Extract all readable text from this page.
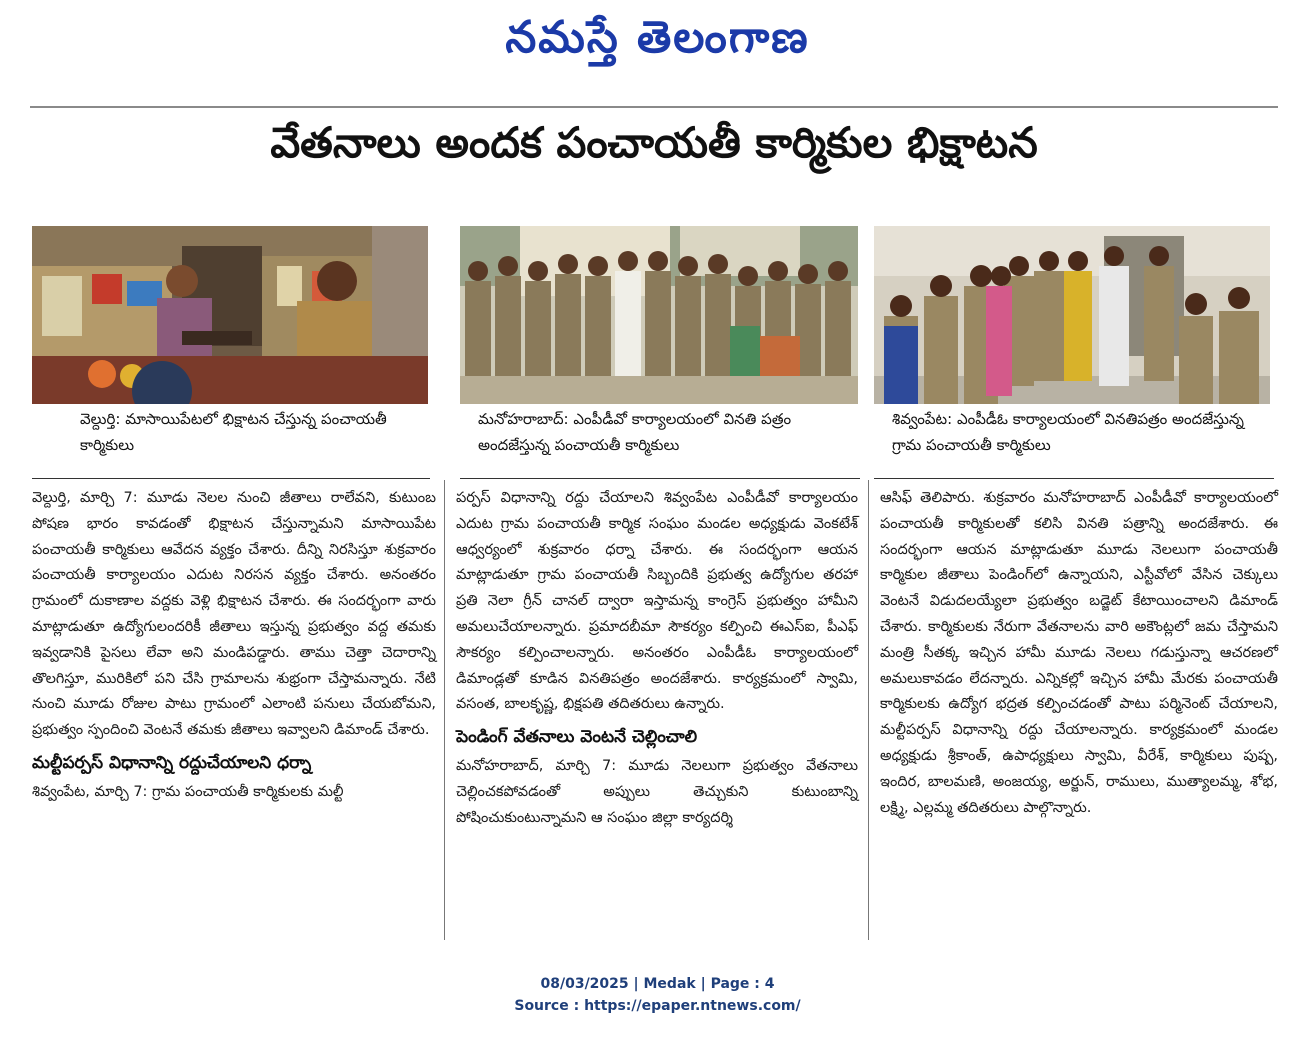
నమస్తే తెలంగాణ
వేతనాలు అందక పంచాయతీ కార్మికుల భిక్షాటన
వెల్దుర్తి: మాసాయిపేటలో భిక్షాటన చేస్తున్న పంచాయతీ కార్మికులు
మనోహరాబాద్: ఎంపీడీవో కార్యాలయంలో వినతి పత్రం అందజేస్తున్న పంచాయతీ కార్మికులు
శివ్వంపేట: ఎంపీడీఓ కార్యాలయంలో వినతిపత్రం అందజేస్తున్న గ్రామ పంచాయతీ కార్మికులు

వెల్దుర్తి, మార్చి 7: మూడు నెలల నుంచి జీతాలు రాలేవని, కుటుంబ పోషణ భారం కావడంతో భిక్షాటన చేస్తున్నామని మాసాయిపేట పంచాయతీ కార్మికులు ఆవేదన వ్యక్తం చేశారు. దీన్ని నిరసిస్తూ శుక్రవారం పంచాయతీ కార్యాలయం ఎదుట నిరసన వ్యక్తం చేశారు. అనంతరం గ్రామంలో దుకాణాల వద్దకు వెళ్లి భిక్షాటన చేశారు. ఈ సందర్భంగా వారు మాట్లాడుతూ ఉద్యోగులందరికీ జీతాలు ఇస్తున్న ప్రభుత్వం వద్ద తమకు ఇవ్వడానికి పైసలు లేవా అని మండిపడ్డారు. తాము చెత్తా చెదారాన్ని తొలగిస్తూ, మురికిలో పని చేసి గ్రామాలను శుభ్రంగా చేస్తామన్నారు. నేటి నుంచి మూడు రోజుల పాటు గ్రామంలో ఎలాంటి పనులు చేయబోమని, ప్రభుత్వం స్పందించి వెంటనే తమకు జీతాలు ఇవ్వాలని డిమాండ్ చేశారు.

మల్టీపర్పస్ విధానాన్ని రద్దుచేయాలని ధర్నా

శివ్వంపేట, మార్చి 7: గ్రామ పంచాయతీ కార్మికులకు మల్టీ

పర్పస్ విధానాన్ని రద్దు చేయాలని శివ్వంపేట ఎంపీడీవో కార్యాలయం ఎదుట గ్రామ పంచాయతీ కార్మిక సంఘం మండల అధ్యక్షుడు వెంకటేశ్ ఆధ్వర్యంలో శుక్రవారం ధర్నా చేశారు. ఈ సందర్భంగా ఆయన మాట్లాడుతూ గ్రామ పంచాయతీ సిబ్బందికి ప్రభుత్వ ఉద్యోగుల తరహా ప్రతి నెలా గ్రీన్ చానల్ ద్వారా ఇస్తామన్న కాంగ్రెస్ ప్రభుత్వం హామీని అమలుచేయాలన్నారు. ప్రమాదబీమా సౌకర్యం కల్పించి ఈఎస్ఐ, పీఎఫ్ సౌకర్యం కల్పించాలన్నారు. అనంతరం ఎంపీడీఓ కార్యాలయంలో డిమాండ్లతో కూడిన వినతిపత్రం అందజేశారు. కార్యక్రమంలో స్వామి, వసంత, బాలకృష్ణ, భిక్షపతి తదితరులు ఉన్నారు.

పెండింగ్ వేతనాలు వెంటనే చెల్లించాలి

మనోహరాబాద్, మార్చి 7: మూడు నెలలుగా ప్రభుత్వం వేతనాలు చెల్లించకపోవడంతో అప్పులు తెచ్చుకుని కుటుంబాన్ని పోషించుకుంటున్నామని ఆ సంఘం జిల్లా కార్యదర్శి

ఆసిఫ్ తెలిపారు. శుక్రవారం మనోహరాబాద్ ఎంపీడీవో కార్యాలయంలో పంచాయతీ కార్మికులతో కలిసి వినతి పత్రాన్ని అందజేశారు. ఈ సందర్భంగా ఆయన మాట్లాడుతూ మూడు నెలలుగా పంచాయతీ కార్మికుల జీతాలు పెండింగ్‌లో ఉన్నాయని, ఎస్టీవోలో వేసిన చెక్కులు వెంటనే విడుదలయ్యేలా ప్రభుత్వం బడ్జెట్ కేటాయించాలని డిమాండ్ చేశారు. కార్మికులకు నేరుగా వేతనాలను వారి అకౌంట్లలో జమ చేస్తామని మంత్రి సీతక్క ఇచ్చిన హామీ మూడు నెలలు గడుస్తున్నా ఆచరణలో అమలుకావడం లేదన్నారు. ఎన్నికల్లో ఇచ్చిన హామీ మేరకు పంచాయతీ కార్మికులకు ఉద్యోగ భద్రత కల్పించడంతో పాటు పర్మినెంట్ చేయాలని, మల్టీపర్పస్ విధానాన్ని రద్దు చేయాలన్నారు. కార్యక్రమంలో మండల అధ్యక్షుడు శ్రీకాంత్, ఉపాధ్యక్షులు స్వామి, వీరేశ్, కార్మికులు పుష్ప, ఇందిర, బాలమణి, అంజయ్య, అర్జున్, రాములు, ముత్యాలమ్మ, శోభ, లక్ష్మి, ఎల్లమ్మ తదితరులు పాల్గొన్నారు.

08/03/2025 | Medak | Page : 4
Source : https://epaper.ntnews.com/
